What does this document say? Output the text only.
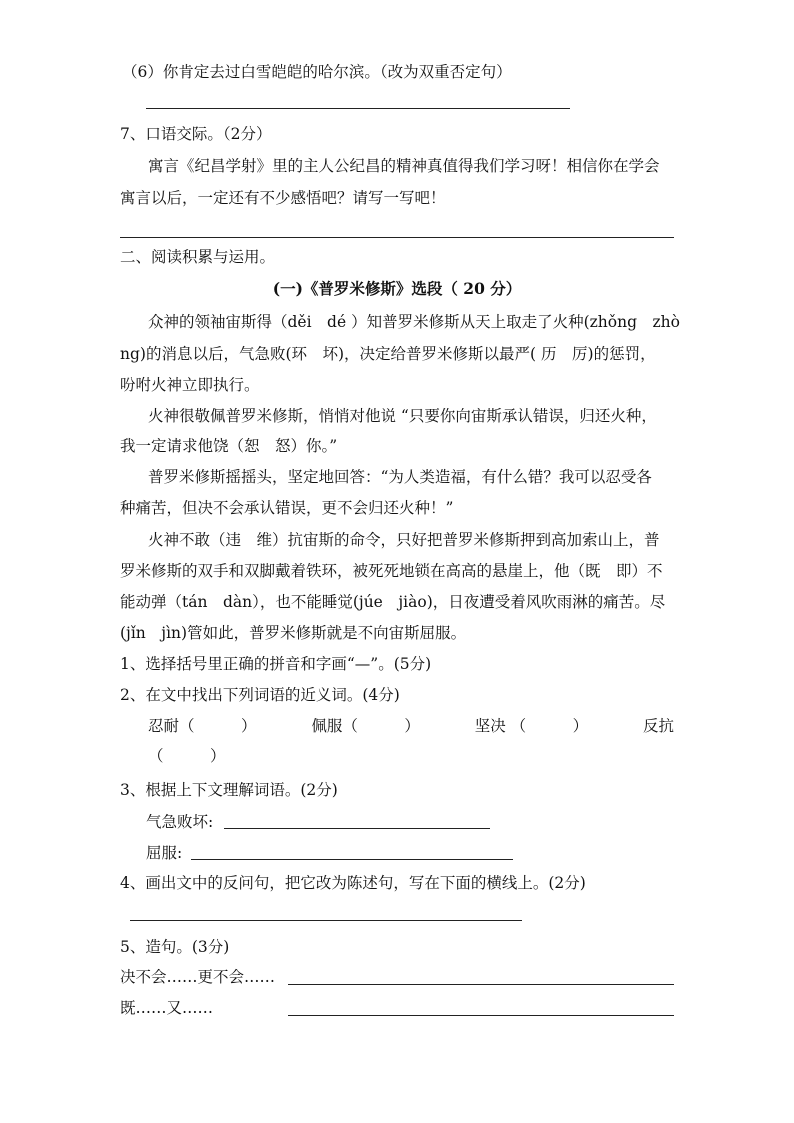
（6）你肯定去过白雪皑皑的哈尔滨。（改为双重否定句）
7、口语交际。（2分）
寓言《纪昌学射》里的主人公纪昌的精神真值得我们学习呀！相信你在学会
寓言以后，一定还有不少感悟吧？请写一写吧！
二、阅读积累与运用。
(一)《普罗米修斯》选段（ 20 分）
众神的领袖宙斯得（děi　dé ）知普罗米修斯从天上取走了火种(zhǒng　zhò
ng)的消息以后，气急败(环　坏)，决定给普罗米修斯以最严( 历　厉)的惩罚，
吩咐火神立即执行。
火神很敬佩普罗米修斯，悄悄对他说 “只要你向宙斯承认错误，归还火种，
我一定请求他饶（恕　怒）你。”
普罗米修斯摇摇头，坚定地回答：“为人类造福，有什么错？我可以忍受各
种痛苦，但决不会承认错误，更不会归还火种！”
火神不敢（违　维）抗宙斯的命令，只好把普罗米修斯押到高加索山上，普
罗米修斯的双手和双脚戴着铁环，被死死地锁在高高的悬崖上，他（既　即）不
能动弹（tán　dàn），也不能睡觉(júe　jiào)，日夜遭受着风吹雨淋的痛苦。尽
(jǐn　jìn)管如此，普罗米修斯就是不向宙斯屈服。
1、选择括号里正确的拼音和字画“—”。(5分)
2、在文中找出下列词语的近义词。(4分)
忍耐（　　　）	佩服（　　　）	坚决 （　　　）	反抗
（　　　）
3、根据上下文理解词语。(2分)
气急败坏:
屈服:
4、画出文中的反问句，把它改为陈述句，写在下面的横线上。(2分)
5、造句。(3分)
决不会……更不会……
既……又……
